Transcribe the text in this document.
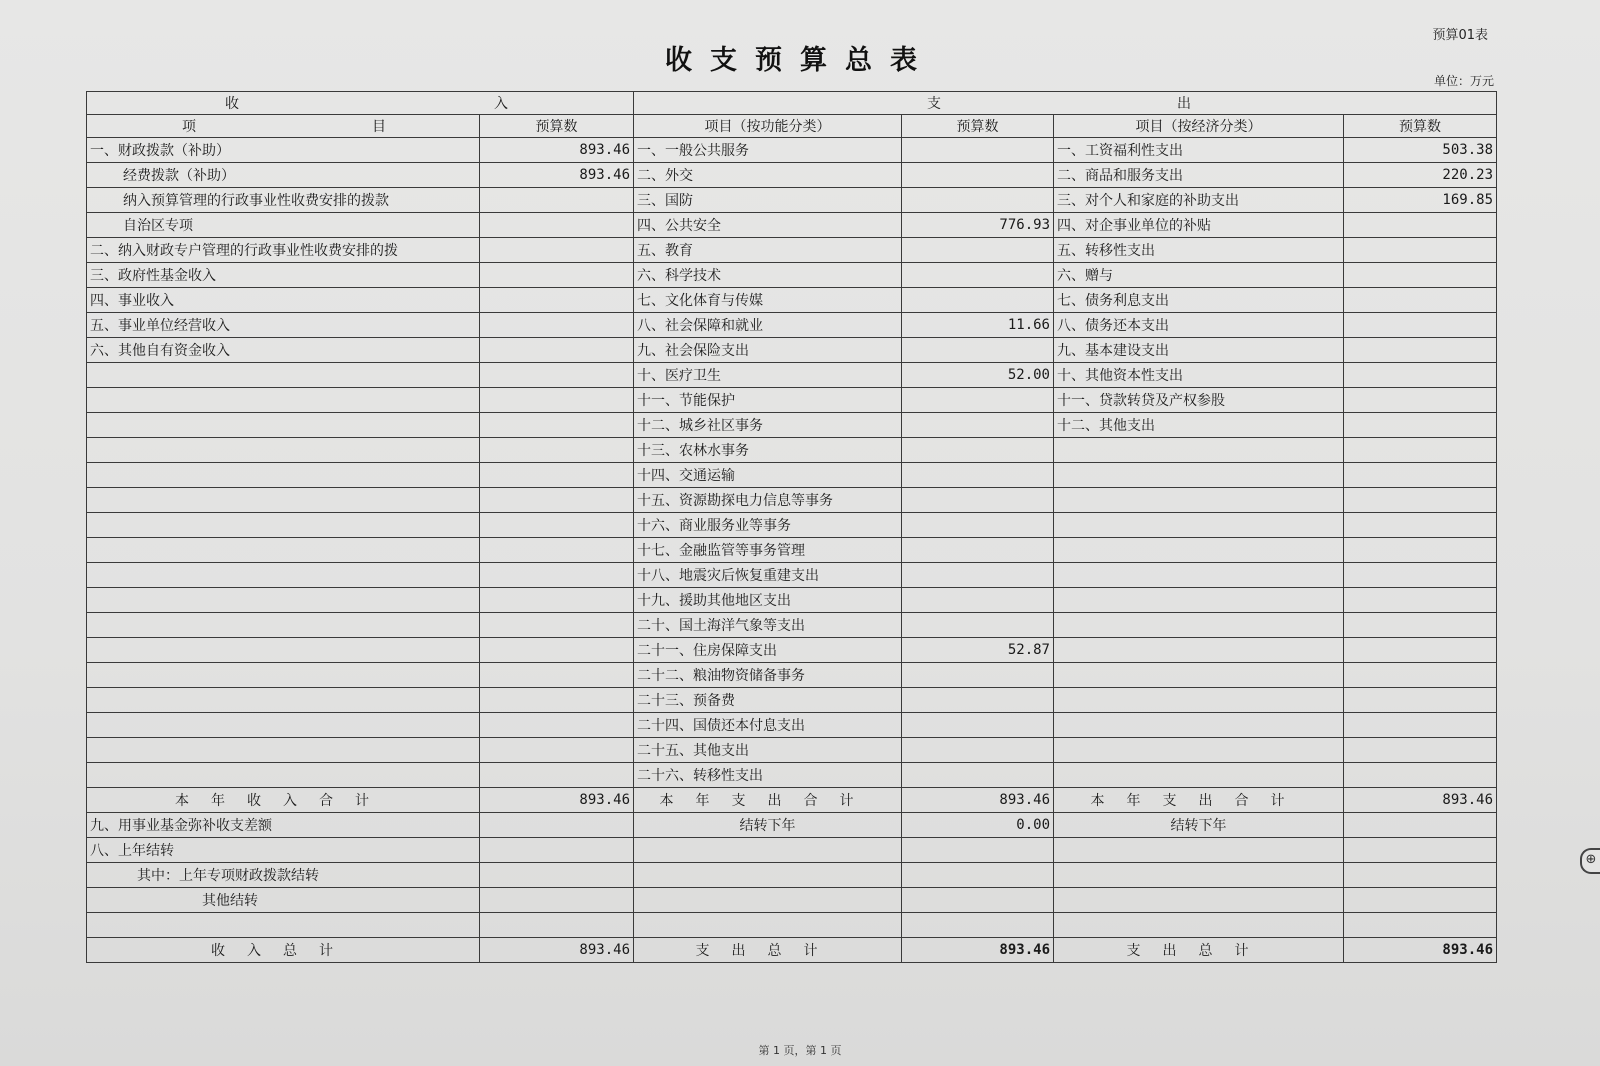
预算01表
收支预算总表
单位：万元
收 入		支 出			

项 目	预算数	项目（按功能分类）	预算数	项目（按经济分类）	预算数
一、财政拨款（补助）	893.46	一、一般公共服务		一、工资福利性支出	503.38
经费拨款（补助）	893.46	二、外交		二、商品和服务支出	220.23
纳入预算管理的行政事业性收费安排的拨款		三、国防		三、对个人和家庭的补助支出	169.85
自治区专项		四、公共安全	776.93	四、对企事业单位的补贴	
二、纳入财政专户管理的行政事业性收费安排的拨		五、教育		五、转移性支出	
三、政府性基金收入		六、科学技术		六、赠与	
四、事业收入		七、文化体育与传媒		七、债务利息支出	
五、事业单位经营收入		八、社会保障和就业	11.66	八、债务还本支出	
六、其他自有资金收入		九、社会保险支出		九、基本建设支出	
		十、医疗卫生	52.00	十、其他资本性支出	
		十一、节能保护		十一、贷款转贷及产权参股	
		十二、城乡社区事务		十二、其他支出	
		十三、农林水事务			
		十四、交通运输			
		十五、资源勘探电力信息等事务			
		十六、商业服务业等事务			
		十七、金融监管等事务管理			
		十八、地震灾后恢复重建支出			
		十九、援助其他地区支出			
		二十、国土海洋气象等支出			
		二十一、住房保障支出	52.87		
		二十二、粮油物资储备事务			
		二十三、预备费			
		二十四、国债还本付息支出			
		二十五、其他支出			
		二十六、转移性支出			
本年收入合计	893.46	本年支出合计	893.46	本年支出合计	893.46
九、用事业基金弥补收支差额		结转下年	0.00	结转下年	
八、上年结转					
其中：上年专项财政拨款结转					
其他结转					

收入总计	893.46	支出总计	893.46	支出总计	893.46
第 1 页，第 1 页
⊕
